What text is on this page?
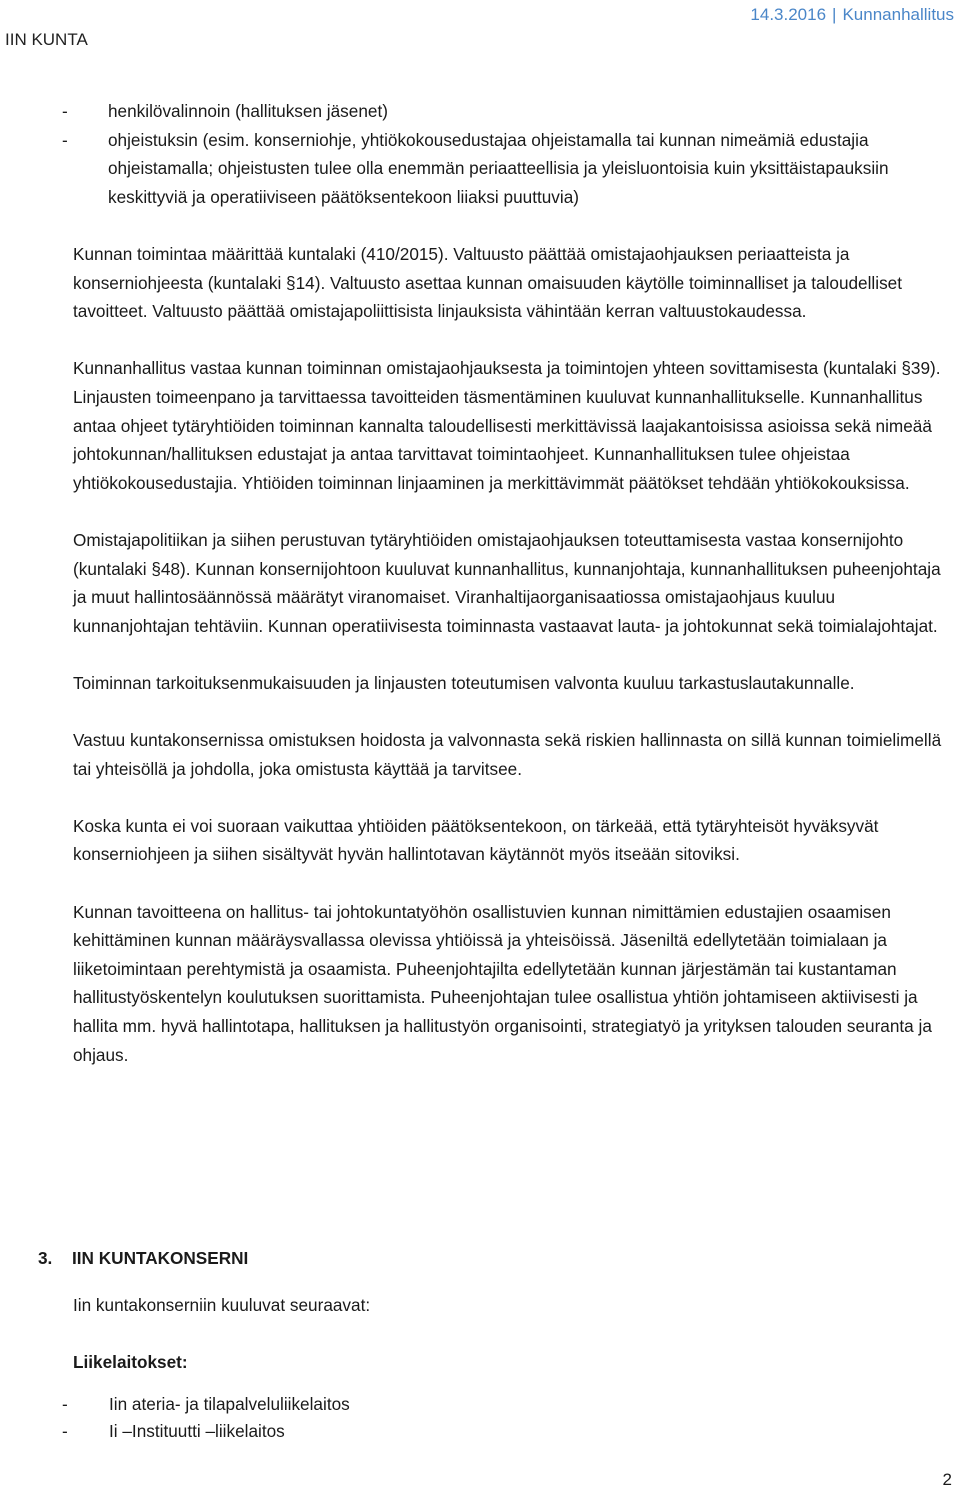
IIN KUNTA
14.3.2016 | Kunnanhallitus
- henkilövalinnoin (hallituksen jäsenet)
- ohjeistuksin (esim. konserniohje, yhtiökokousedustajaa ohjeistamalla tai kunnan nimeämiä edustajia ohjeistamalla; ohjeistusten tulee olla enemmän periaatteellisia ja yleisluontoisia kuin yksittäistapauksiin keskittyviä ja operatiiviseen päätöksentekoon liiaksi puuttuvia)

Kunnan toimintaa määrittää kuntalaki (410/2015). Valtuusto päättää omistajaohjauksen periaatteista ja konserniohjeesta (kuntalaki §14). Valtuusto asettaa kunnan omaisuuden käytölle toiminnalliset ja taloudelliset tavoitteet. Valtuusto päättää omistajapoliittisista linjauksista vähintään kerran valtuustokaudessa.

Kunnanhallitus vastaa kunnan toiminnan omistajaohjauksesta ja toimintojen yhteen sovittamisesta (kuntalaki §39). Linjausten toimeenpano ja tarvittaessa tavoitteiden täsmentäminen kuuluvat kunnanhallitukselle. Kunnanhallitus antaa ohjeet tytäryhtiöiden toiminnan kannalta taloudellisesti merkittävissä laajakantoisissa asioissa sekä nimeää johtokunnan/hallituksen edustajat ja antaa tarvittavat toimintaohjeet. Kunnanhallituksen tulee ohjeistaa yhtiökokousedustajia. Yhtiöiden toiminnan linjaaminen ja merkittävimmät päätökset tehdään yhtiökokouksissa.

Omistajapolitiikan ja siihen perustuvan tytäryhtiöiden omistajaohjauksen toteuttamisesta vastaa konsernijohto (kuntalaki §48). Kunnan konsernijohtoon kuuluvat kunnanhallitus, kunnanjohtaja, kunnanhallituksen puheenjohtaja ja muut hallintosäännössä määrätyt viranomaiset. Viranhaltijaorganisaatiossa omistajaohjaus kuuluu kunnanjohtajan tehtäviin. Kunnan operatiivisesta toiminnasta vastaavat lauta- ja johtokunnat sekä toimialajohtajat.

Toiminnan tarkoituksenmukaisuuden ja linjausten toteutumisen valvonta kuuluu tarkastuslautakunnalle.

Vastuu kuntakonsernissa omistuksen hoidosta ja valvonnasta sekä riskien hallinnasta on sillä kunnan toimielimellä tai yhteisöllä ja johdolla, joka omistusta käyttää ja tarvitsee.

Koska kunta ei voi suoraan vaikuttaa yhtiöiden päätöksentekoon, on tärkeää, että tytäryhteisöt hyväksyvät konserniohjeen ja siihen sisältyvät hyvän hallintotavan käytännöt myös itseään sitoviksi.

Kunnan tavoitteena on hallitus- tai johtokuntatyöhön osallistuvien kunnan nimittämien edustajien osaamisen kehittäminen kunnan määräysvallassa olevissa yhtiöissä ja yhteisöissä. Jäseniltä edellytetään toimialaan ja liiketoimintaan perehtymistä ja osaamista. Puheenjohtajilta edellytetään kunnan järjestämän tai kustantaman hallitustyöskentelyn koulutuksen suorittamista. Puheenjohtajan tulee osallistua yhtiön johtamiseen aktiivisesti ja hallita mm. hyvä hallintotapa, hallituksen ja hallitustyön organisointi, strategiatyö ja yrityksen talouden seuranta ja ohjaus.

3. IIN KUNTAKONSERNI
Iin kuntakonserniin kuuluvat seuraavat:
Liikelaitokset:
- Iin ateria- ja tilapalveluliikelaitos
- Ii –Instituutti –liikelaitos
2
